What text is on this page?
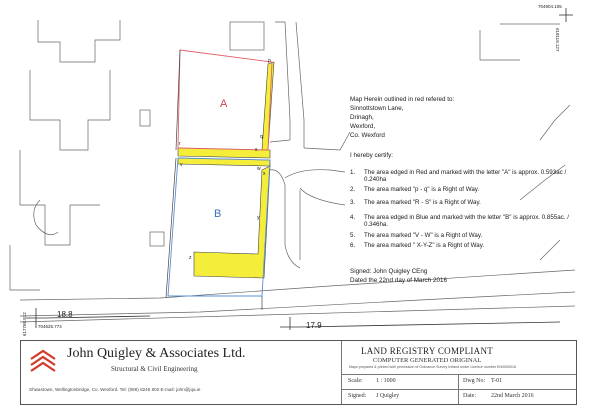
p
q
r
s
v
w
x
y
z
A
B
704904.105
618119.127
617768.812 704625.774
18.8
17.9
Map Herein outlined in red refered to:
Sinnottstown Lane,
Drinagh,
Wexford,
Co. Wexford
I hereby certify:
1. The area edged in Red and marked with the letter "A" is approx. 0.593ac / 0.240ha
2. The area marked "p - q" is a Right of Way.
3. The area marked "R - S" is a Right of Way.
4. The area edged in Blue and marked with the letter "B" is approx. 0.855ac. / 0.346ha.
5. The area marked "V - W" is a Right of Way.
6. The area marked " X-Y-Z" is a Right of Way.
Signed: John Quigley CEng
Dated the 22nd day of March 2016
John Quigley & Associates Ltd.
Structural & Civil Engineering
Shwastown, Wellingtonbridge, Co. Wexford. Tel: (086) 8245 802 E-mail: john@jqa.ie
LAND REGISTRY COMPLIANT
COMPUTER GENERATED ORIGINAL
Maps prepared & printed with permission of Ordnance Survey Ireland under Licence number EN0005016
Scale: 1 : 1000	Dwg No: T-01
Signed: J Quigley	Date:	22nd March 2016
